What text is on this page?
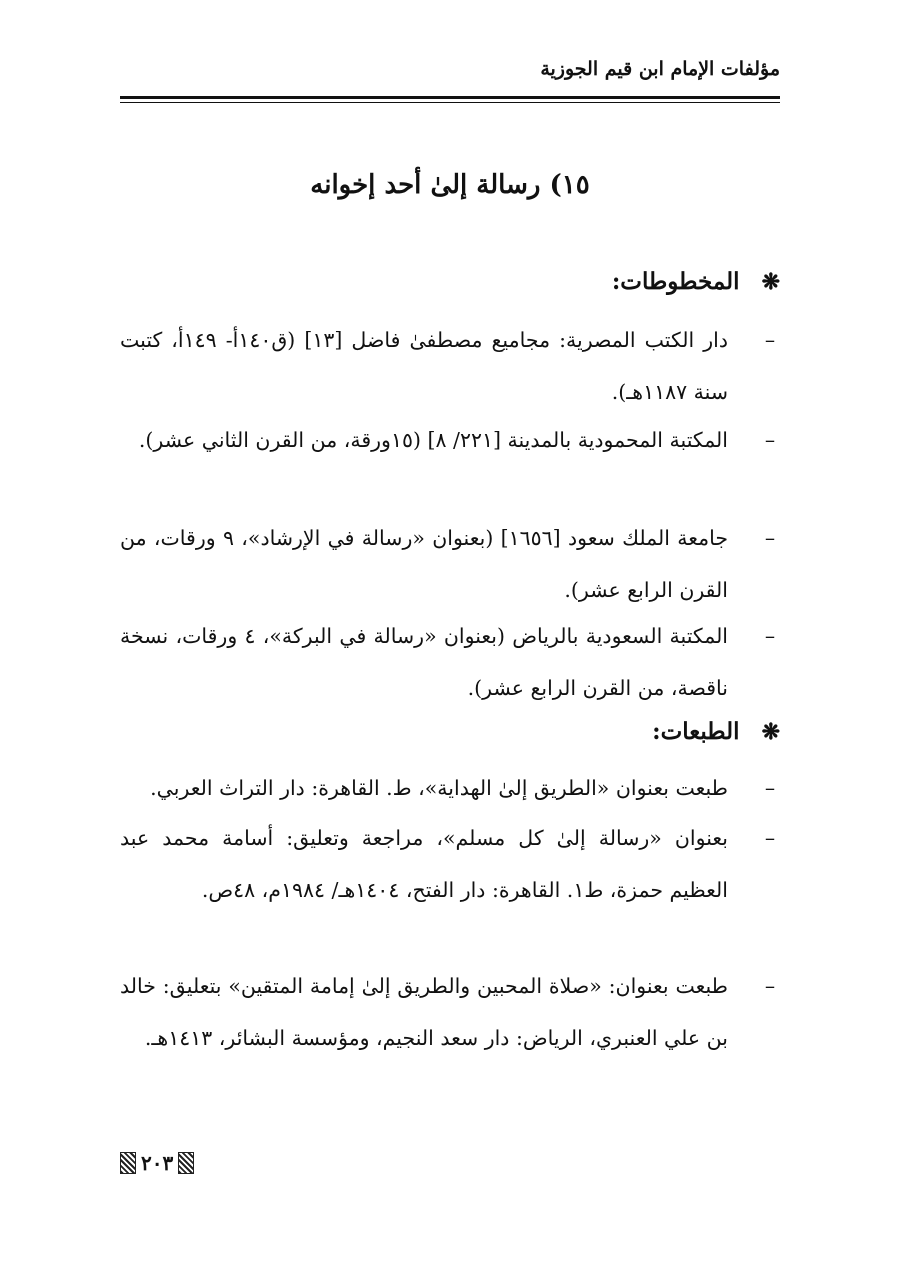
مؤلفات الإمام ابن قيم الجوزية
١٥) رسالة إلىٰ أحد إخوانه
❋المخطوطات:
–
دار الكتب المصرية: مجاميع مصطفىٰ فاضل [١٣] (ق١٤٠أ- ١٤٩أ، كتبت سنة ١١٨٧هـ).
–
المكتبة المحمودية بالمدينة [٢٢١/ ٨] (١٥ورقة، من القرن الثاني عشر).
–
جامعة الملك سعود [١٦٥٦] (بعنوان «رسالة في الإرشاد»، ٩ ورقات، من القرن الرابع عشر).
–
المكتبة السعودية بالرياض (بعنوان «رسالة في البركة»، ٤ ورقات، نسخة ناقصة، من القرن الرابع عشر).
❋الطبعات:
–
طبعت بعنوان «الطريق إلىٰ الهداية»، ط. القاهرة: دار التراث العربي.
–
بعنوان «رسالة إلىٰ كل مسلم»، مراجعة وتعليق: أسامة محمد عبد العظيم حمزة، ط١. القاهرة: دار الفتح، ١٤٠٤هـ/ ١٩٨٤م، ٤٨ص.
–
طبعت بعنوان: «صلاة المحبين والطريق إلىٰ إمامة المتقين» بتعليق: خالد بن علي العنبري، الرياض: دار سعد النجيم، ومؤسسة البشائر، ١٤١٣هـ.
٢٠٣
